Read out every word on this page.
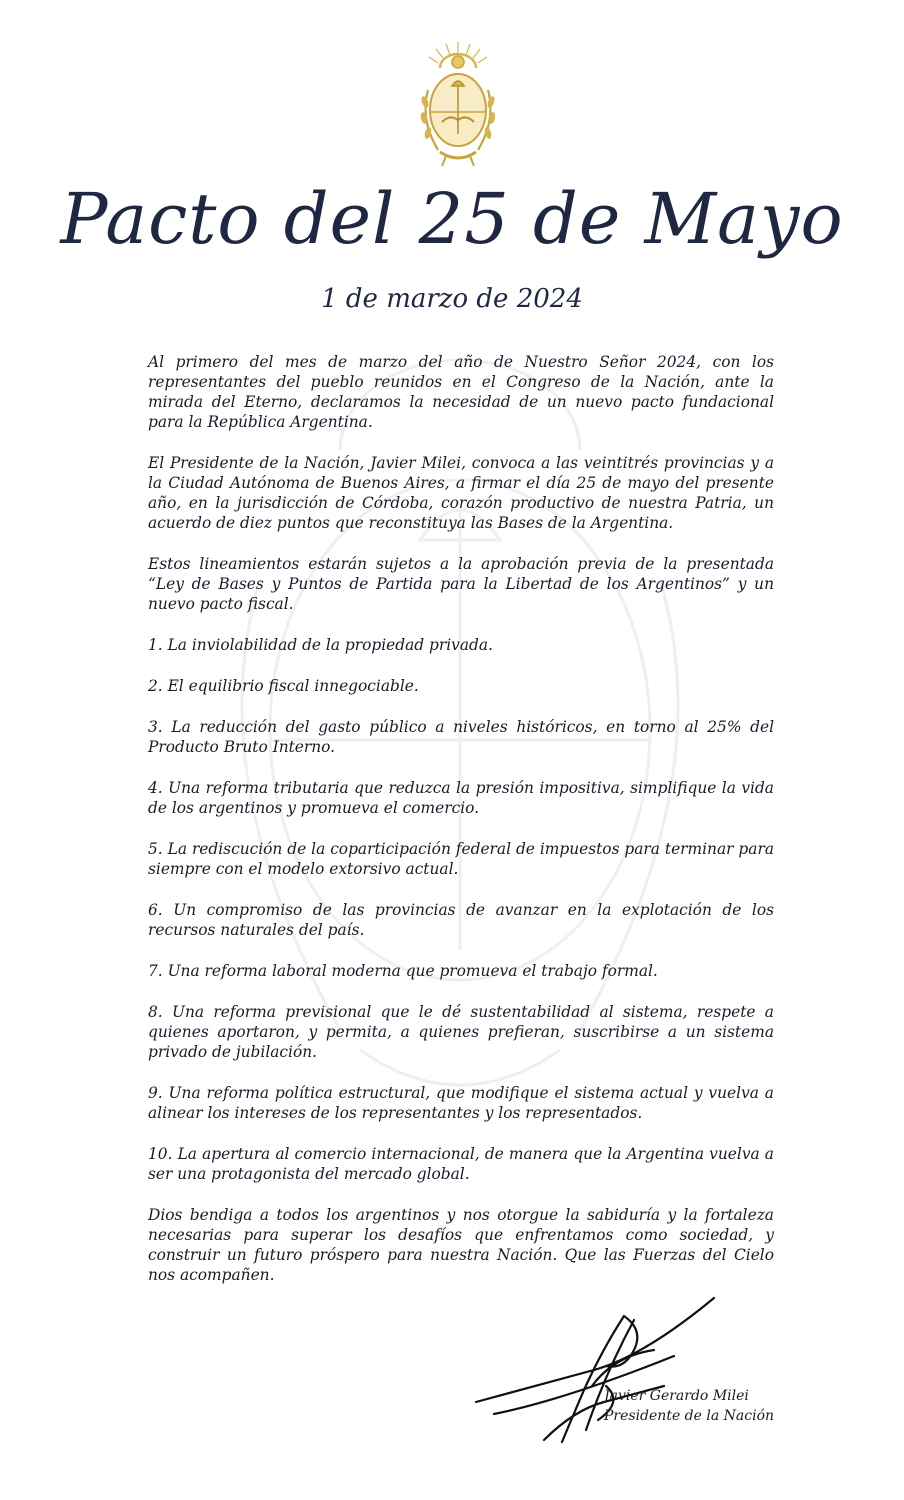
Pacto del 25 de Mayo

1 de marzo de 2024

Al primero del mes de marzo del año de Nuestro Señor 2024, con los representantes del pueblo reunidos en el Congreso de la Nación, ante la mirada del Eterno, declaramos la necesidad de un nuevo pacto fundacional para la República Argentina.

El Presidente de la Nación, Javier Milei, convoca a las veintitrés provincias y a la Ciudad Autónoma de Buenos Aires, a firmar el día 25 de mayo del presente año, en la jurisdicción de Córdoba, corazón productivo de nuestra Patria, un acuerdo de diez puntos que reconstituya las Bases de la Argentina.

Estos lineamientos estarán sujetos a la aprobación previa de la presentada “Ley de Bases y Puntos de Partida para la Libertad de los Argentinos” y un nuevo pacto fiscal.

1. La inviolabilidad de la propiedad privada.

2. El equilibrio fiscal innegociable.

3. La reducción del gasto público a niveles históricos, en torno al 25% del Producto Bruto Interno.

4. Una reforma tributaria que reduzca la presión impositiva, simplifique la vida de los argentinos y promueva el comercio.

5. La rediscución de la coparticipación federal de impuestos para terminar para siempre con el modelo extorsivo actual.

6. Un compromiso de las provincias de avanzar en la explotación de los recursos naturales del país.

7. Una reforma laboral moderna que promueva el trabajo formal.

8. Una reforma previsional que le dé sustentabilidad al sistema, respete a quienes aportaron, y permita, a quienes prefieran, suscribirse a un sistema privado de jubilación.

9. Una reforma política estructural, que modifique el sistema actual y vuelva a alinear los intereses de los representantes y los representados.

10. La apertura al comercio internacional, de manera que la Argentina vuelva a ser una protagonista del mercado global.

Dios bendiga a todos los argentinos y nos otorgue la sabiduría y la fortaleza necesarias para superar los desafíos que enfrentamos como sociedad, y construir un futuro próspero para nuestra Nación. Que las Fuerzas del Cielo nos acompañen.

Javier Gerardo Milei

Presidente de la Nación
